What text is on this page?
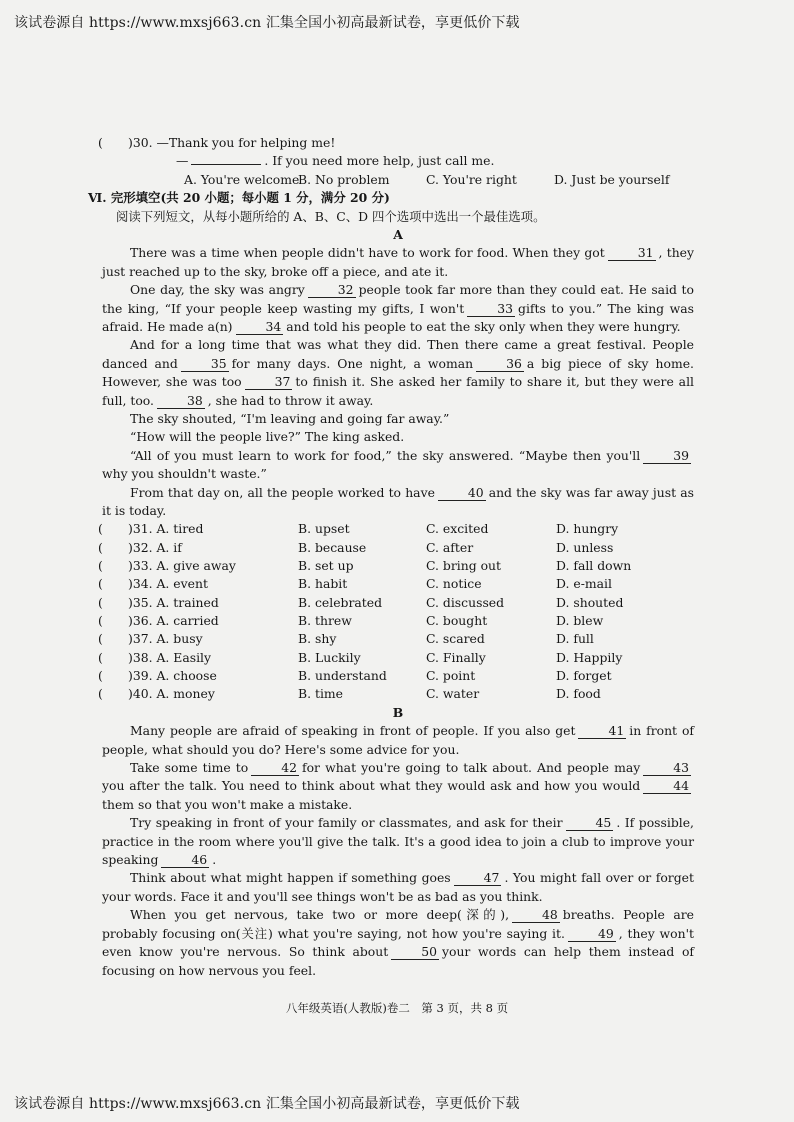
该试卷源自 https://www.mxsj663.cn 汇集全国小初高最新试卷，享更低价下载
( )30. —Thank you for helping me!
—	. If you need more help, just call me.
A. You're welcome
B. No problem	C. You're right	D. Just be yourself
Ⅵ. 完形填空(共 20 小题；每小题 1 分，满分 20 分)
阅读下列短文，从每小题所给的 A、B、C、D 四个选项中选出一个最佳选项。
A
There was a time when people didn't have to work for food. When they got	31 , they just reached up to the sky, broke off a piece, and ate it.
One day, the sky was angry	32 people took far more than they could eat. He said to the king, “If your people keep wasting my gifts, I won't	33 gifts to you.” The king was afraid. He made a(n)	34 and told his people to eat the sky only when they were hungry.
And for a long time that was what they did. Then there came a great festival. People danced and	35 for many days. One night, a woman	36 a big piece of sky home. However, she was too	37 to finish it. She asked her family to share it, but they were all full, too.	38 , she had to throw it away.
The sky shouted, “I'm leaving and going far away.”
“How will the people live?” The king asked.
“All of you must learn to work for food,” the sky answered. “Maybe then you'll	39why you shouldn't waste.”
From that day on, all the people worked to have	40 and the sky was far away just as it is today.
( )31. A. tired	B. upset	C. excited	D. hungry
( )32. A. if	B. because	C. after	D. unless
( )33. A. give away	B. set up	C. bring out	D. fall down
( )34. A. event	B. habit	C. notice	D. e-mail
( )35. A. trained	B. celebrated	C. discussed	D. shouted
( )36. A. carried	B. threw	C. bought	D. blew
( )37. A. busy	B. shy	C. scared	D. full
( )38. A. Easily	B. Luckily	C. Finally	D. Happily
( )39. A. choose	B. understand	C. point	D. forget
( )40. A. money	B. time	C. water	D. food
B
Many people are afraid of speaking in front of people. If you also get	41 in front of people, what should you do? Here's some advice for you.
Take some time to	42 for what you're going to talk about. And people may	43you after the talk. You need to think about what they would ask and how you would	44them so that you won't make a mistake.
Try speaking in front of your family or classmates, and ask for their	45 . If possible, practice in the room where you'll give the talk. It's a good idea to join a club to improve your speaking	46 .
Think about what might happen if something goes	47 . You might fall over or forget your words. Face it and you'll see things won't be as bad as you think.
When you get nervous, take two or more deep(深的),	48 breaths. People are probably focusing on(关注) what you're saying, not how you're saying it.	49 , they won't even know you're nervous. So think about	50 your words can help them instead of focusing on how nervous you feel.
八年级英语(人教版)卷二　第 3 页，共 8 页
该试卷源自 https://www.mxsj663.cn 汇集全国小初高最新试卷，享更低价下载
